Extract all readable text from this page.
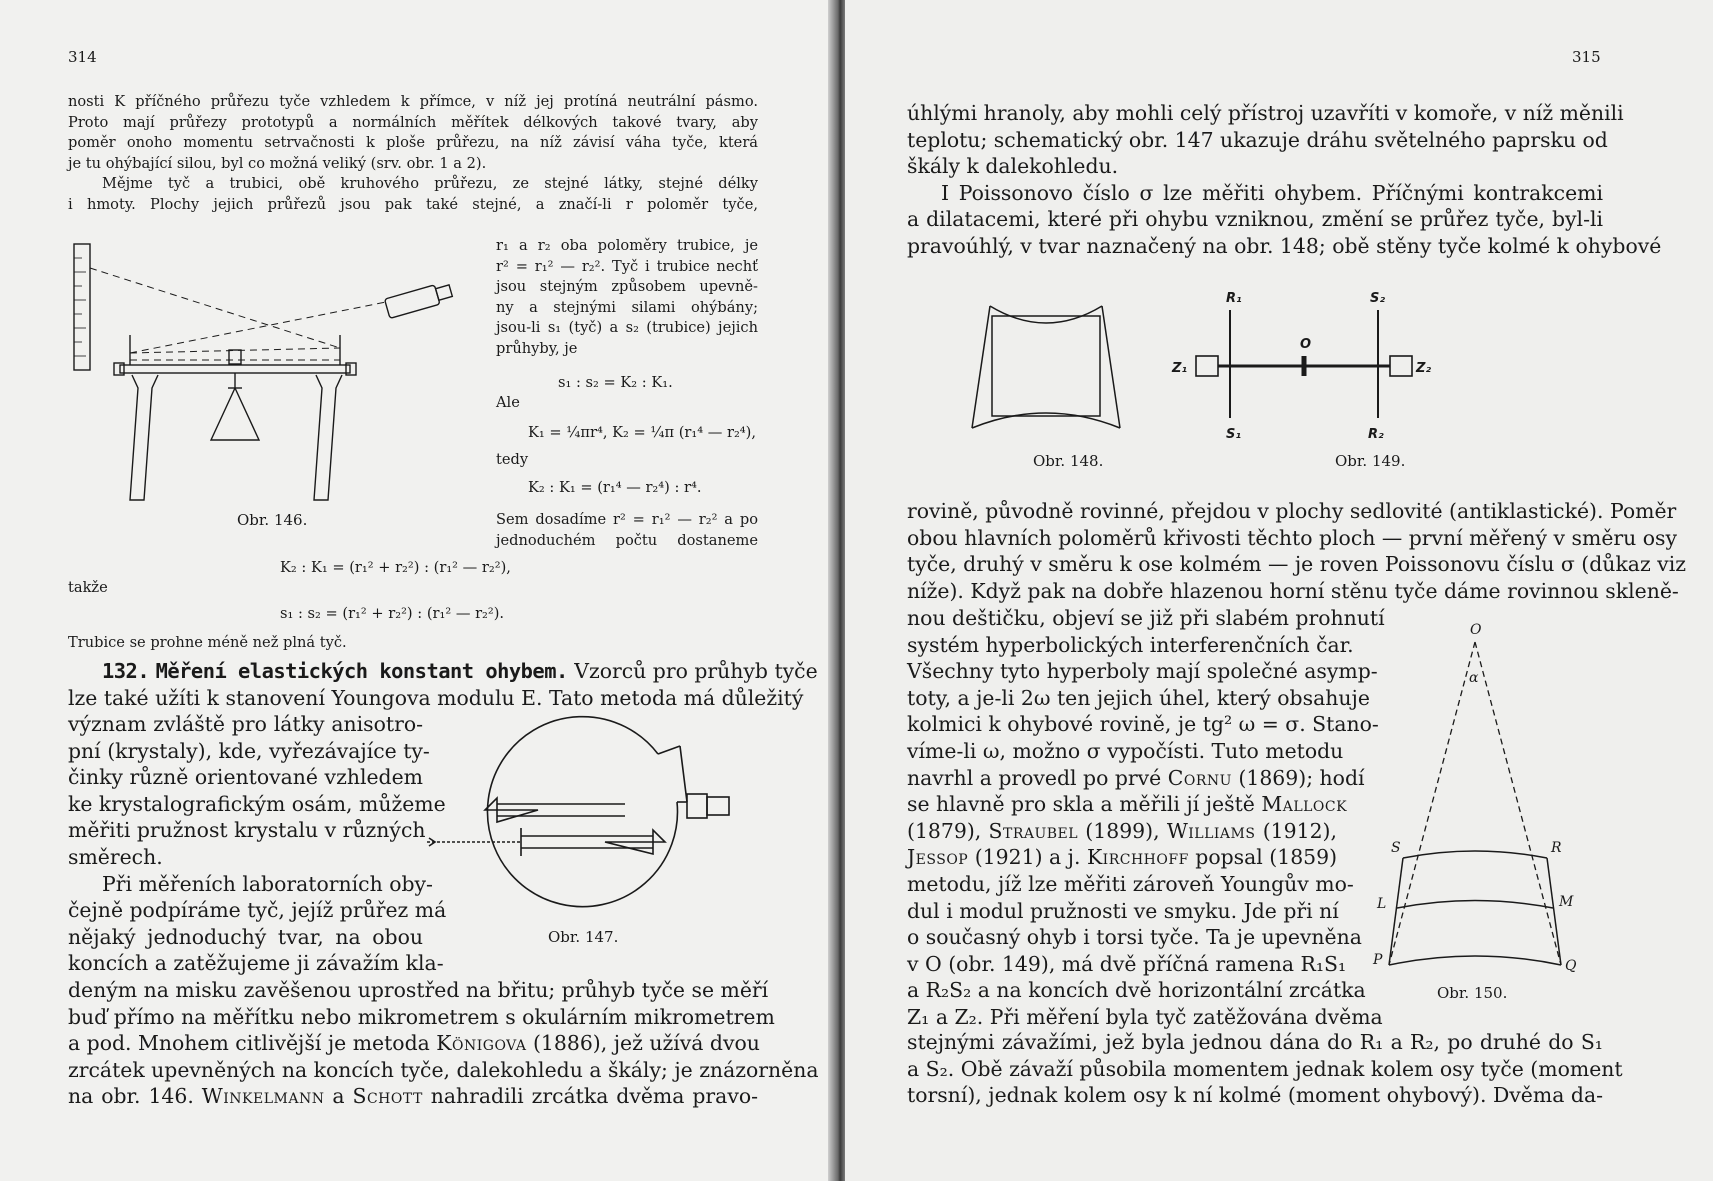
314
nosti K příčného průřezu tyče vzhledem k přímce, v níž jej protíná neutrální pásmo.
Proto mají průřezy prototypů a normálních měřítek délkových takové tvary, aby
poměr onoho momentu setrvačnosti k ploše průřezu, na níž závisí váha tyče, která
je tu ohýbající silou, byl co možná veliký (srv. obr. 1 a 2).
Mějme tyč a trubici, obě kruhového průřezu, ze stejné látky, stejné délky
i hmoty. Plochy jejich průřezů jsou pak také stejné, a značí-li r poloměr tyče,
r₁ a r₂ oba poloměry trubice, je
r² = r₁² — r₂². Tyč i trubice nechť
jsou stejným způsobem upevně-
ny a stejnými silami ohýbány;
jsou-li s₁ (tyč) a s₂ (trubice) jejich
průhyby, je
s₁ : s₂ = K₂ : K₁.
Ale
K₁ = ¼πr⁴, K₂ = ¼π (r₁⁴ — r₂⁴),
tedy
K₂ : K₁ = (r₁⁴ — r₂⁴) : r⁴.
Sem dosadíme r² = r₁² — r₂² a po
jednoduchém počtu dostaneme
K₂ : K₁ = (r₁² + r₂²) : (r₁² — r₂²),
takže
s₁ : s₂ = (r₁² + r₂²) : (r₁² — r₂²).
Trubice se prohne méně než plná tyč.
Obr. 146.
132. Měření elastických konstant ohybem. Vzorců pro průhyb tyče
lze také užíti k stanovení Youngova modulu E. Tato metoda má důležitý
význam zvláště pro látky anisotro-
pní (krystaly), kde, vyřezávajíce ty-
činky různě orientované vzhledem
ke krystalografickým osám, můžeme
měřiti pružnost krystalu v různých
směrech.
Při měřeních laboratorních oby-
čejně podpíráme tyč, jejíž průřez má
nějaký jednoduchý tvar, na obou
koncích a zatěžujeme ji závažím kla-
Obr. 147.
deným na misku zavěšenou uprostřed na břitu; průhyb tyče se měří
buď přímo na měřítku nebo mikrometrem s okulárním mikrometrem
a pod. Mnohem citlivější je metoda Königova (1886), jež užívá dvou
zrcátek upevněných na koncích tyče, dalekohledu a škály; je znázorněna
na obr. 146. Winkelmann a Schott nahradili zrcátka dvěma pravo-
315
úhlými hranoly, aby mohli celý přístroj uzavříti v komoře, v níž měnili
teplotu; schematický obr. 147 ukazuje dráhu světelného paprsku od
škály k dalekohledu.
I Poissonovo číslo σ lze měřiti ohybem. Příčnými kontrakcemi
a dilatacemi, které při ohybu vzniknou, změní se průřez tyče, byl-li
pravoúhlý, v tvar naznačený na obr. 148; obě stěny tyče kolmé k ohybové
Obr. 148.
R₁	S₂
O
Z₁	Z₂
S₁	R₂
Obr. 149.
rovině, původně rovinné, přejdou v plochy sedlovité (antiklastické). Poměr
obou hlavních poloměrů křivosti těchto ploch — první měřený v směru osy
tyče, druhý v směru k ose kolmém — je roven Poissonovu číslu σ (důkaz viz
níže). Když pak na dobře hlazenou horní stěnu tyče dáme rovinnou skleně-
nou deštičku, objeví se již při slabém prohnutí
systém hyperbolických interferenčních čar.
Všechny tyto hyperboly mají společné asymp-
toty, a je-li 2ω ten jejich úhel, který obsahuje
kolmici k ohybové rovině, je tg² ω = σ. Stano-
víme-li ω, možno σ vypočísti. Tuto metodu
navrhl a provedl po prvé Cornu (1869); hodí
se hlavně pro skla a měřili jí ještě Mallock
(1879), Straubel (1899), Williams (1912),
Jessop (1921) a j. Kirchhoff popsal (1859)
metodu, jíž lze měřiti zároveň Youngův mo-
dul i modul pružnosti ve smyku. Jde při ní
o současný ohyb i torsi tyče. Ta je upevněna
v O (obr. 149), má dvě příčná ramena R₁S₁
a R₂S₂ a na koncích dvě horizontální zrcátka
Z₁ a Z₂. Při měření byla tyč zatěžována dvěma
O
α
S	R
L	M
P	Q
Obr. 150.
stejnými závažími, jež byla jednou dána do R₁ a R₂, po druhé do S₁
a S₂. Obě závaží působila momentem jednak kolem osy tyče (moment
torsní), jednak kolem osy k ní kolmé (moment ohybový). Dvěma da-
